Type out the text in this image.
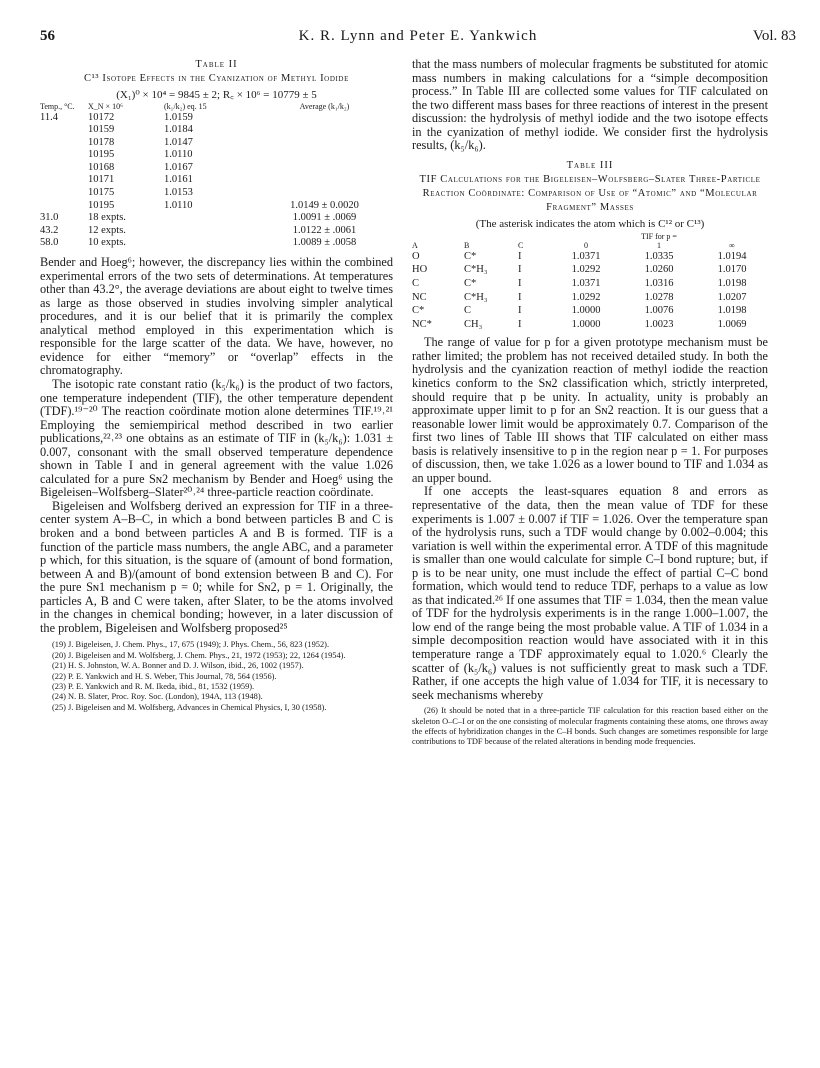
56	K. R. Lynn and Peter E. Yankwich	Vol. 83

Table II

C¹³ Isotope Effects in the Cyanization of Methyl Iodide

(X₁)⁰ × 10⁴ = 9845 ± 2; R꜀ × 10⁶ = 10779 ± 5

Temp., °C.	X_N × 10⁶	(k₁/k₂) eq. 15	Average (k₁/k₂)
11.4	10172	1.0159	
	10159	1.0184	
	10178	1.0147	
	10195	1.0110	
	10168	1.0167	
	10171	1.0161	
	10175	1.0153	
	10195	1.0110	1.0149 ± 0.0020
31.0	18 expts.		1.0091 ± .0069
43.2	12 expts.		1.0122 ± .0061
58.0	10 expts.		1.0089 ± .0058

Bender and Hoeg⁶; however, the discrepancy lies within the combined experimental errors of the two sets of determinations. At temperatures other than 43.2°, the average deviations are about eight to twelve times as large as those observed in studies involving simpler analytical procedures, and it is our belief that it is primarily the complex analytical method employed in this experimentation which is responsible for the large scatter of the data. We have, however, no evidence for either “memory” or “overlap” effects in the chromatography.

The isotopic rate constant ratio (k₅/k₆) is the product of two factors, one temperature independent (TIF), the other temperature dependent (TDF).¹⁹⁻²⁰ The reaction coördinate motion alone determines TIF.¹⁹˒²¹ Employing the semiempirical method described in two earlier publications,²²˒²³ one obtains as an estimate of TIF in (k₅/k₆): 1.031 ± 0.007, consonant with the small observed temperature dependence shown in Table I and in general agreement with the value 1.026 calculated for a pure Sɴ2 mechanism by Bender and Hoeg⁶ using the Bigeleisen–Wolfsberg–Slater²⁰˒²⁴ three-particle reaction coördinate.

Bigeleisen and Wolfsberg derived an expression for TIF in a three-center system A–B–C, in which a bond between particles B and C is broken and a bond between particles A and B is formed. TIF is a function of the particle mass numbers, the angle ABC, and a parameter p which, for this situation, is the square of (amount of bond formation, between A and B)/(amount of bond extension between B and C). For the pure Sɴ1 mechanism p = 0; while for Sɴ2, p = 1. Originally, the particles A, B and C were taken, after Slater, to be the atoms involved in the changes in chemical bonding; however, in a later discussion of the problem, Bigeleisen and Wolfsberg proposed²⁵

(19) J. Bigeleisen, J. Chem. Phys., 17, 675 (1949); J. Phys. Chem., 56, 823 (1952).
(20) J. Bigeleisen and M. Wolfsberg, J. Chem. Phys., 21, 1972 (1953); 22, 1264 (1954).
(21) H. S. Johnston, W. A. Bonner and D. J. Wilson, ibid., 26, 1002 (1957).
(22) P. E. Yankwich and H. S. Weber, This Journal, 78, 564 (1956).
(23) P. E. Yankwich and R. M. Ikeda, ibid., 81, 1532 (1959).
(24) N. B. Slater, Proc. Roy. Soc. (London), 194A, 113 (1948).
(25) J. Bigeleisen and M. Wolfsberg, Advances in Chemical Physics, I, 30 (1958).

that the mass numbers of molecular fragments be substituted for atomic mass numbers in making calculations for a “simple decomposition process.” In Table III are collected some values for TIF calculated on the two different mass bases for three reactions of interest in the present discussion: the hydrolysis of methyl iodide and the two isotope effects in the cyanization of methyl iodide. We consider first the hydrolysis results, (k₅/k₆).

Table III

TIF Calculations for the Bigeleisen–Wolfsberg–Slater Three-Particle Reaction Coördinate: Comparison of Use of “Atomic” and “Molecular Fragment” Masses

(The asterisk indicates the atom which is C¹² or C¹³)

			TIF for p =		
A	B	C	0	1	∞
O	C*	I	1.0371	1.0335	1.0194
HO	C*H₃	I	1.0292	1.0260	1.0170
C	C*	I	1.0371	1.0316	1.0198
NC	C*H₃	I	1.0292	1.0278	1.0207
C*	C	I	1.0000	1.0076	1.0198
NC*	CH₃	I	1.0000	1.0023	1.0069

The range of value for p for a given prototype mechanism must be rather limited; the problem has not received detailed study. In both the hydrolysis and the cyanization reaction of methyl iodide the reaction kinetics conform to the Sɴ2 classification which, strictly interpreted, should require that p be unity. In actuality, unity is probably an approximate upper limit to p for an Sɴ2 reaction. It is our guess that a reasonable lower limit would be approximately 0.7. Comparison of the first two lines of Table III shows that TIF calculated on either mass basis is relatively insensitive to p in the region near p = 1. For purposes of discussion, then, we take 1.026 as a lower bound to TIF and 1.034 as an upper bound.

If one accepts the least-squares equation 8 and errors as representative of the data, then the mean value of TDF for these experiments is 1.007 ± 0.007 if TIF = 1.026. Over the temperature span of the hydrolysis runs, such a TDF would change by 0.002–0.004; this variation is well within the experimental error. A TDF of this magnitude is smaller than one would calculate for simple C–I bond rupture; but, if p is to be near unity, one must include the effect of partial C–C bond formation, which would tend to reduce TDF, perhaps to a value as low as that indicated.²⁶ If one assumes that TIF = 1.034, then the mean value of TDF for the hydrolysis experiments is in the range 1.000–1.007, the low end of the range being the most probable value. A TIF of 1.034 in a simple decomposition reaction would have associated with it in this temperature range a TDF approximately equal to 1.020.⁶ Clearly the scatter of (k₅/k₆) values is not sufficiently great to mask such a TDF. Rather, if one accepts the high value of 1.034 for TIF, it is necessary to seek mechanisms whereby

(26) It should be noted that in a three-particle TIF calculation for this reaction based either on the skeleton O–C–I or on the one consisting of molecular fragments containing these atoms, one throws away the effects of hybridization changes in the C–H bonds. Such changes are sometimes responsible for large contributions to TDF because of the related alterations in bending mode frequencies.
